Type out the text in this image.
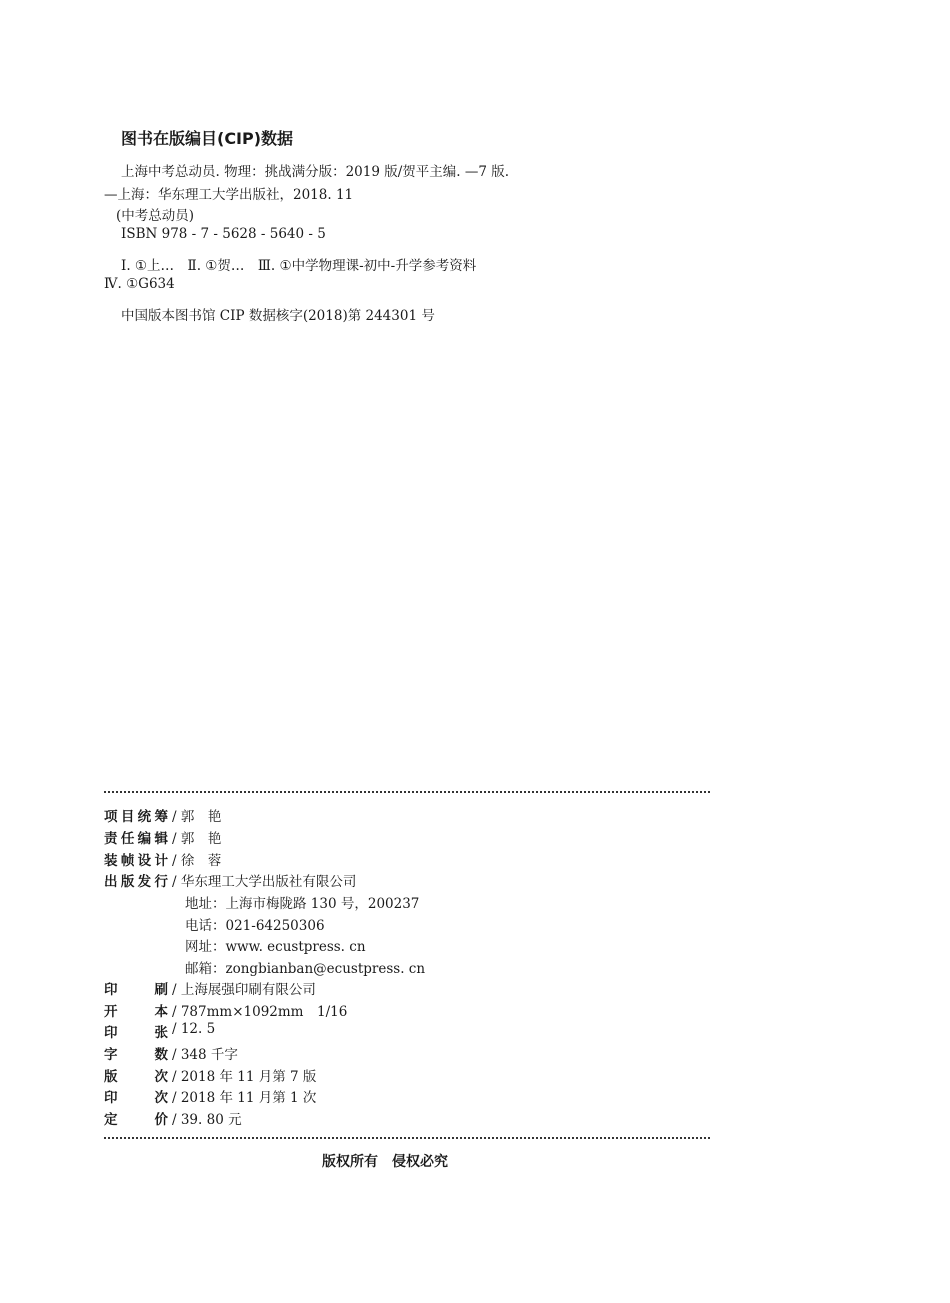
图书在版编目(CIP)数据
上海中考总动员. 物理：挑战满分版：2019 版/贺平主编. —7 版.
—上海：华东理工大学出版社，2018. 11
(中考总动员)
ISBN 978 - 7 - 5628 - 5640 - 5
Ⅰ. ①上…　Ⅱ. ①贺…　Ⅲ. ①中学物理课-初中-升学参考资料
Ⅳ. ①G634
中国版本图书馆 CIP 数据核字(2018)第 244301 号
项 目 统 筹 / 郭　艳
责 任 编 辑 / 郭　艳
装 帧 设 计 / 徐　蓉
出 版 发 行 / 华东理工大学出版社有限公司
地址：上海市梅陇路 130 号，200237
电话：021-64250306
网址：www. ecustpress. cn
邮箱：zongbianban@ecustpress. cn
印	刷 / 上海展强印刷有限公司
开	本 / 787mm×1092mm　1/16
印	张 / 12. 5
字	数 / 348 千字
版	次 / 2018 年 11 月第 7 版
印	次 / 2018 年 11 月第 1 次
定	价 / 39. 80 元
版权所有　侵权必究
